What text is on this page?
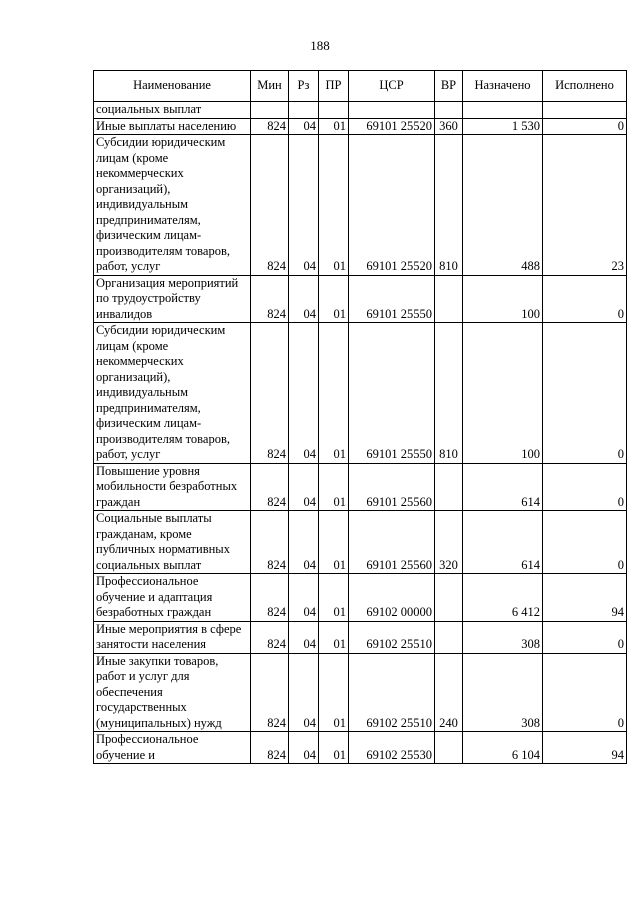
188
Наименование	Мин	Рз	ПР	ЦСР	ВР	Назначено	Исполнено
социальных выплат							
Иные выплаты населению	824	04	01	69101 25520	360	1 530	0
Субсидии юридическим лицам (кроме некоммерческих организаций), индивидуальным предпринимателям, физическим лицам-производителям товаров, работ, услуг	824	04	01	69101 25520	810	488	23
Организация мероприятий по трудоустройству инвалидов	824	04	01	69101 25550		100	0
Субсидии юридическим лицам (кроме некоммерческих организаций), индивидуальным предпринимателям, физическим лицам-производителям товаров, работ, услуг	824	04	01	69101 25550	810	100	0
Повышение уровня мобильности безработных граждан	824	04	01	69101 25560		614	0
Социальные выплаты гражданам, кроме публичных нормативных социальных выплат	824	04	01	69101 25560	320	614	0
Профессиональное обучение и адаптация безработных граждан	824	04	01	69102 00000		6 412	94
Иные мероприятия в сфере занятости населения	824	04	01	69102 25510		308	0
Иные закупки товаров, работ и услуг для обеспечения государственных (муниципальных) нужд	824	04	01	69102 25510	240	308	0
Профессиональное обучение и	824	04	01	69102 25530		6 104	94
